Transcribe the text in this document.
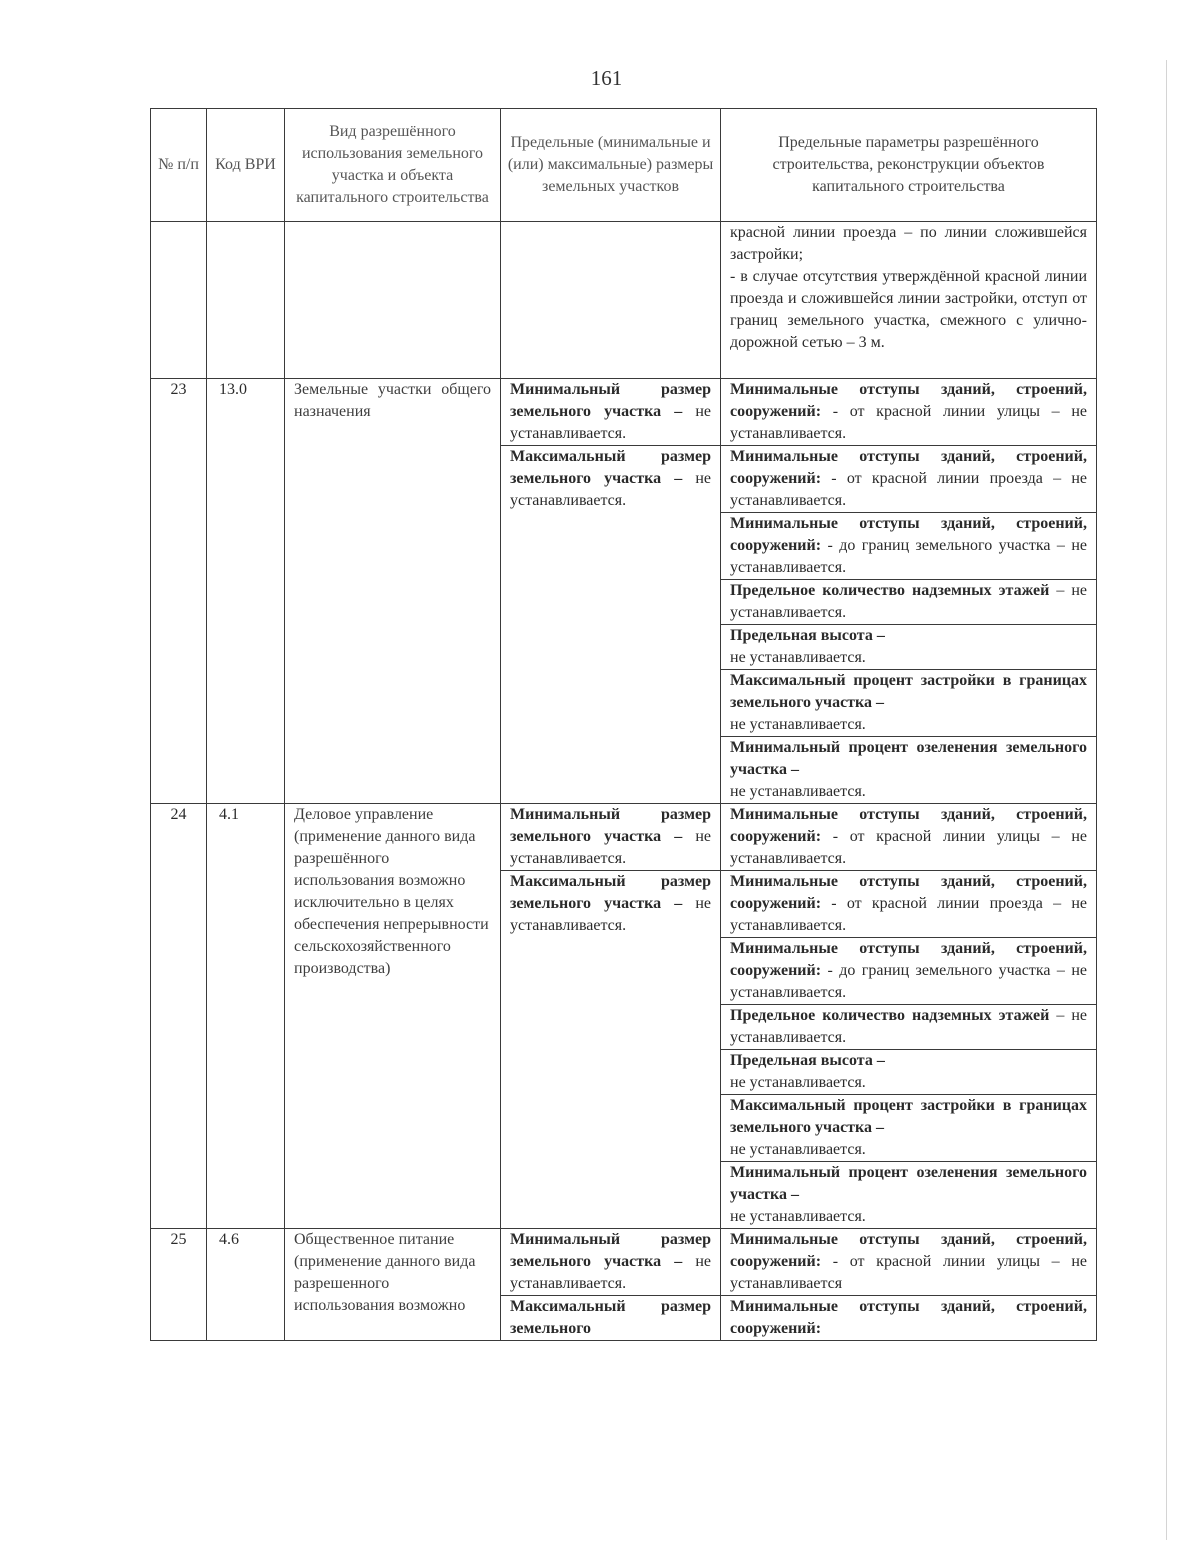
161
№ п/п	Код ВРИ	Вид разрешённого использования земельного участка и объекта капитального строительства	Предельные (минимальные и (или) максимальные) размеры земельных участков	Предельные параметры разрешённого строительства, реконструкции объектов капитального строительства

				красной линии проезда – по линии сложившейся застройки;
- в случае отсутствия утверждённой красной линии проезда и сложившейся линии застройки, отступ от границ земельного участка, смежного с улично-дорожной сетью – 3 м.

23	13.0	Земельные участки общего назначения	Минимальный размер земельного участка – не устанавливается.	Минимальные отступы зданий, строений, сооружений: - от красной линии улицы – не устанавливается.
			Максимальный размер земельного участка – не устанавливается.	Минимальные отступы зданий, строений, сооружений: - от красной линии проезда – не устанавливается.
				Минимальные отступы зданий, строений, сооружений: - до границ земельного участка – не устанавливается.
				Предельное количество надземных этажей – не устанавливается.
				Предельная высота –
не устанавливается.

				Максимальный процент застройки в границах земельного участка –
не устанавливается.

				Минимальный процент озеленения земельного участка –
не устанавливается.

24	4.1	Деловое управление (применение данного вида разрешённого использования возможно исключительно в целях обеспечения непрерывности сельскохозяйственного производства)	Минимальный размер земельного участка – не устанавливается.	Минимальные отступы зданий, строений, сооружений: - от красной линии улицы – не устанавливается.
			Максимальный размер земельного участка – не устанавливается.	Минимальные отступы зданий, строений, сооружений: - от красной линии проезда – не устанавливается.
				Минимальные отступы зданий, строений, сооружений: - до границ земельного участка – не устанавливается.
				Предельное количество надземных этажей – не устанавливается.
				Предельная высота –
не устанавливается.

				Максимальный процент застройки в границах земельного участка –
не устанавливается.

				Минимальный процент озеленения земельного участка –
не устанавливается.

25	4.6	Общественное питание (применение данного вида разрешенного использования возможно	Минимальный размер земельного участка – не устанавливается.	Минимальные отступы зданий, строений, сооружений: - от красной линии улицы – не устанавливается
			Максимальный размер земельного	Минимальные отступы зданий, строений, сооружений:
